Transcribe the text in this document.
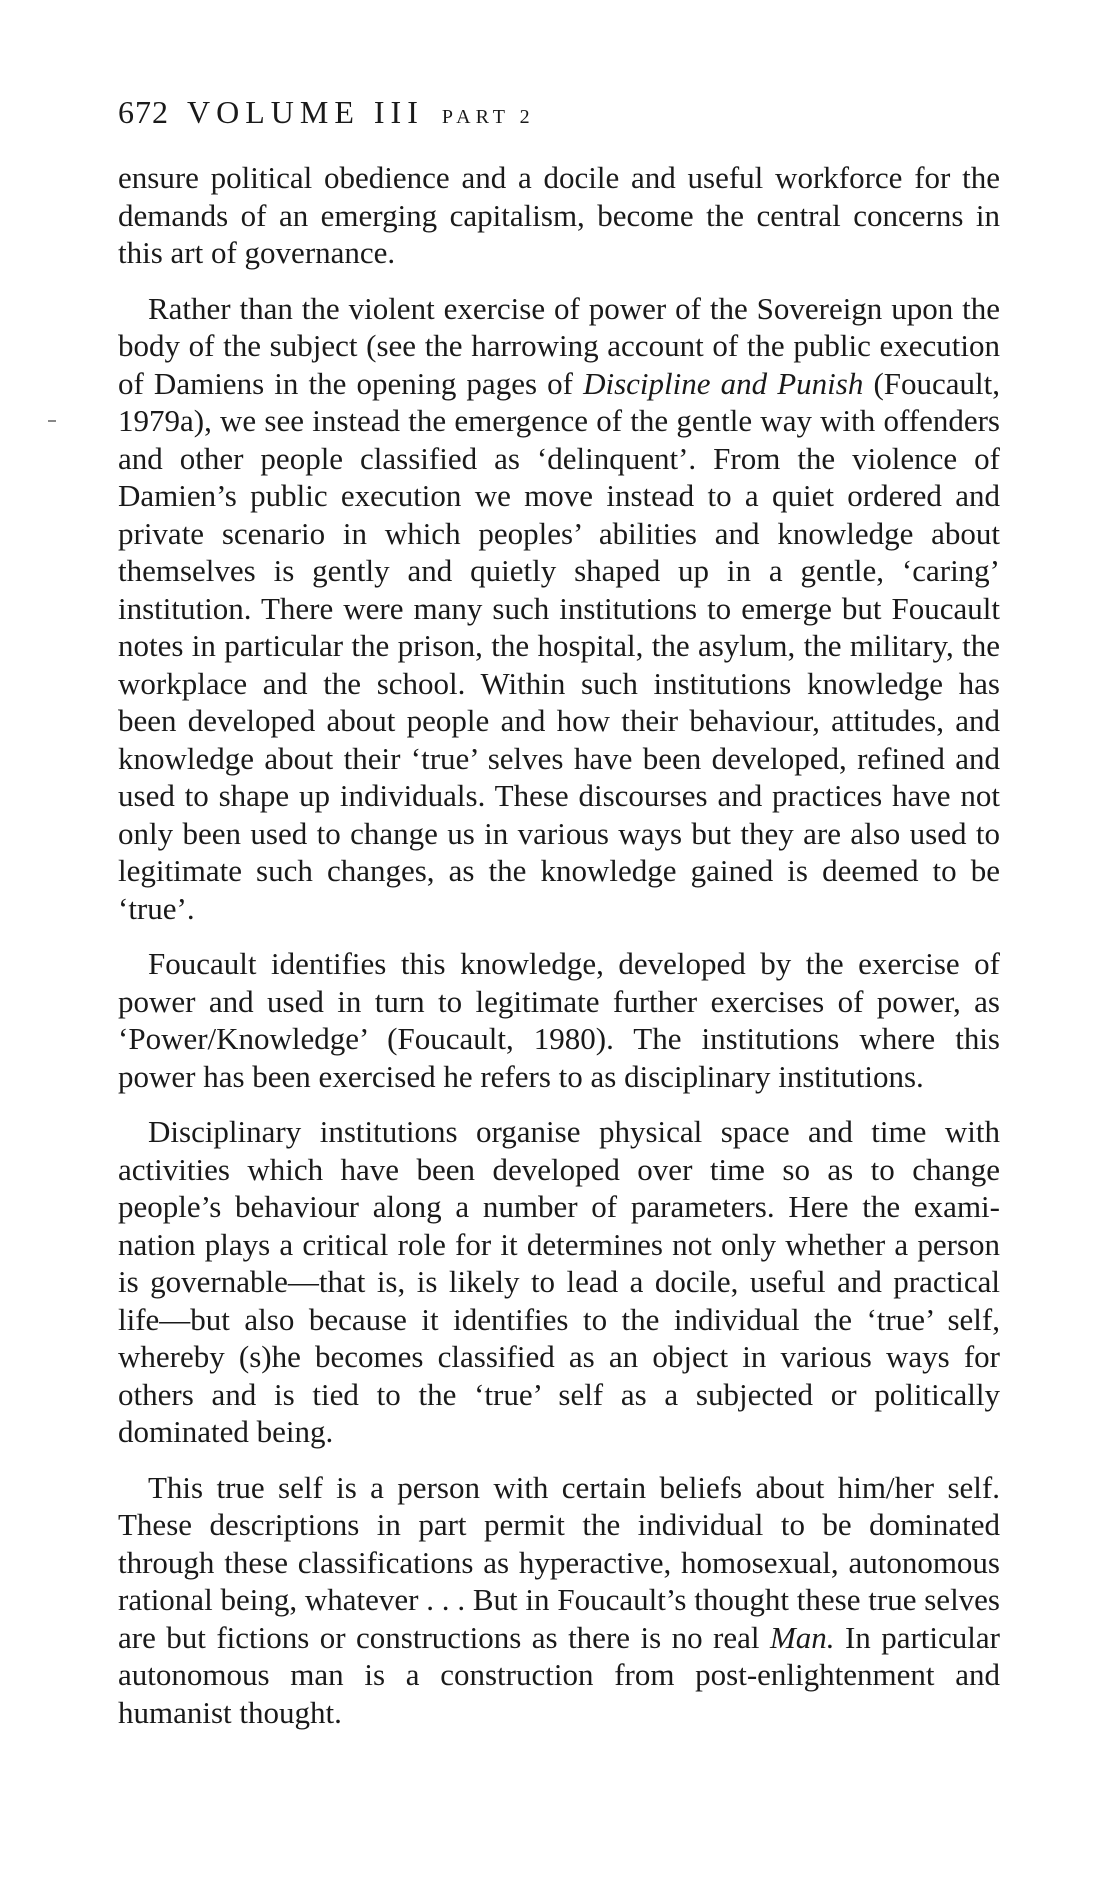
672 VOLUME III PART 2

ensure political obedience and a docile and useful workforce for the demands of an emerging capitalism, become the central concerns in this art of governance.

Rather than the violent exercise of power of the Sovereign upon the body of the subject (see the harrowing account of the public execution of Damiens in the opening pages of Discipline and Punish (Foucault, 1979a), we see instead the emergence of the gentle way with offenders and other people classified as ‘delinquent’. From the violence of Damien’s public execution we move instead to a quiet ordered and private scenario in which peoples’ abilities and knowledge about themselves is gently and quietly shaped up in a gentle, ‘caring’ institution. There were many such institutions to emerge but Foucault notes in particular the prison, the hospital, the asylum, the military, the workplace and the school. Within such institutions knowledge has been developed about people and how their behaviour, attitudes, and knowledge about their ‘true’ selves have been developed, refined and used to shape up individuals. These discourses and practices have not only been used to change us in various ways but they are also used to legitimate such changes, as the knowledge gained is deemed to be ‘true’.

Foucault identifies this knowledge, developed by the exercise of power and used in turn to legitimate further exercises of power, as ‘Power/Knowledge’ (Foucault, 1980). The institutions where this power has been exercised he refers to as disciplinary institutions.

Disciplinary institutions organise physical space and time with activities which have been developed over time so as to change people’s behaviour along a number of parameters. Here the examination plays a critical role for it determines not only whether a person is governable—that is, is likely to lead a docile, useful and practical life—but also because it identifies to the individual the ‘true’ self, whereby (s)he becomes classified as an object in various ways for others and is tied to the ‘true’ self as a subjected or politically dominated being.

This true self is a person with certain beliefs about him/her self. These descriptions in part permit the individual to be dominated through these classifications as hyperactive, homosexual, autonomous rational being, whatever . . . But in Foucault’s thought these true selves are but fictions or constructions as there is no real Man. In particular autonomous man is a construction from post-enlightenment and humanist thought.
